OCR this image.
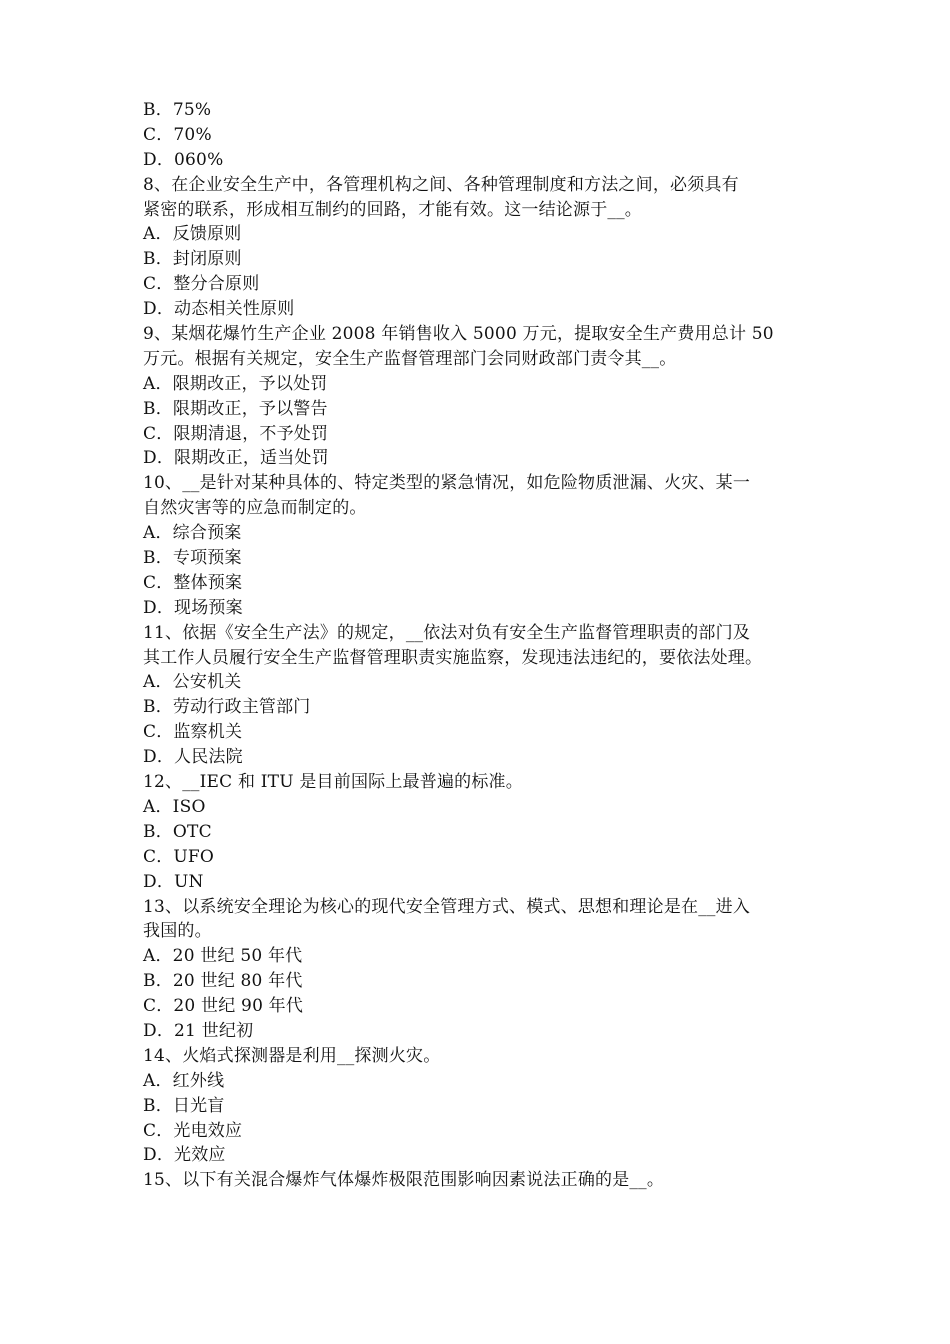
B．75%
C．70%
D．060%
8、在企业安全生产中，各管理机构之间、各种管理制度和方法之间，必须具有
紧密的联系，形成相互制约的回路，才能有效。这一结论源于__。
A．反馈原则
B．封闭原则
C．整分合原则
D．动态相关性原则
9、某烟花爆竹生产企业 2008 年销售收入 5000 万元，提取安全生产费用总计 50
万元。根据有关规定，安全生产监督管理部门会同财政部门责令其__。
A．限期改正，予以处罚
B．限期改正，予以警告
C．限期清退，不予处罚
D．限期改正，适当处罚
10、__是针对某种具体的、特定类型的紧急情况，如危险物质泄漏、火灾、某一
自然灾害等的应急而制定的。
A．综合预案
B．专项预案
C．整体预案
D．现场预案
11、依据《安全生产法》的规定，__依法对负有安全生产监督管理职责的部门及
其工作人员履行安全生产监督管理职责实施监察，发现违法违纪的，要依法处理。
A．公安机关
B．劳动行政主管部门
C．监察机关
D．人民法院
12、__IEC 和 ITU 是目前国际上最普遍的标准。
A．ISO
B．OTC
C．UFO
D．UN
13、以系统安全理论为核心的现代安全管理方式、模式、思想和理论是在__进入
我国的。
A．20 世纪 50 年代
B．20 世纪 80 年代
C．20 世纪 90 年代
D．21 世纪初
14、火焰式探测器是利用__探测火灾。
A．红外线
B．日光盲
C．光电效应
D．光效应
15、以下有关混合爆炸气体爆炸极限范围影响因素说法正确的是__。
